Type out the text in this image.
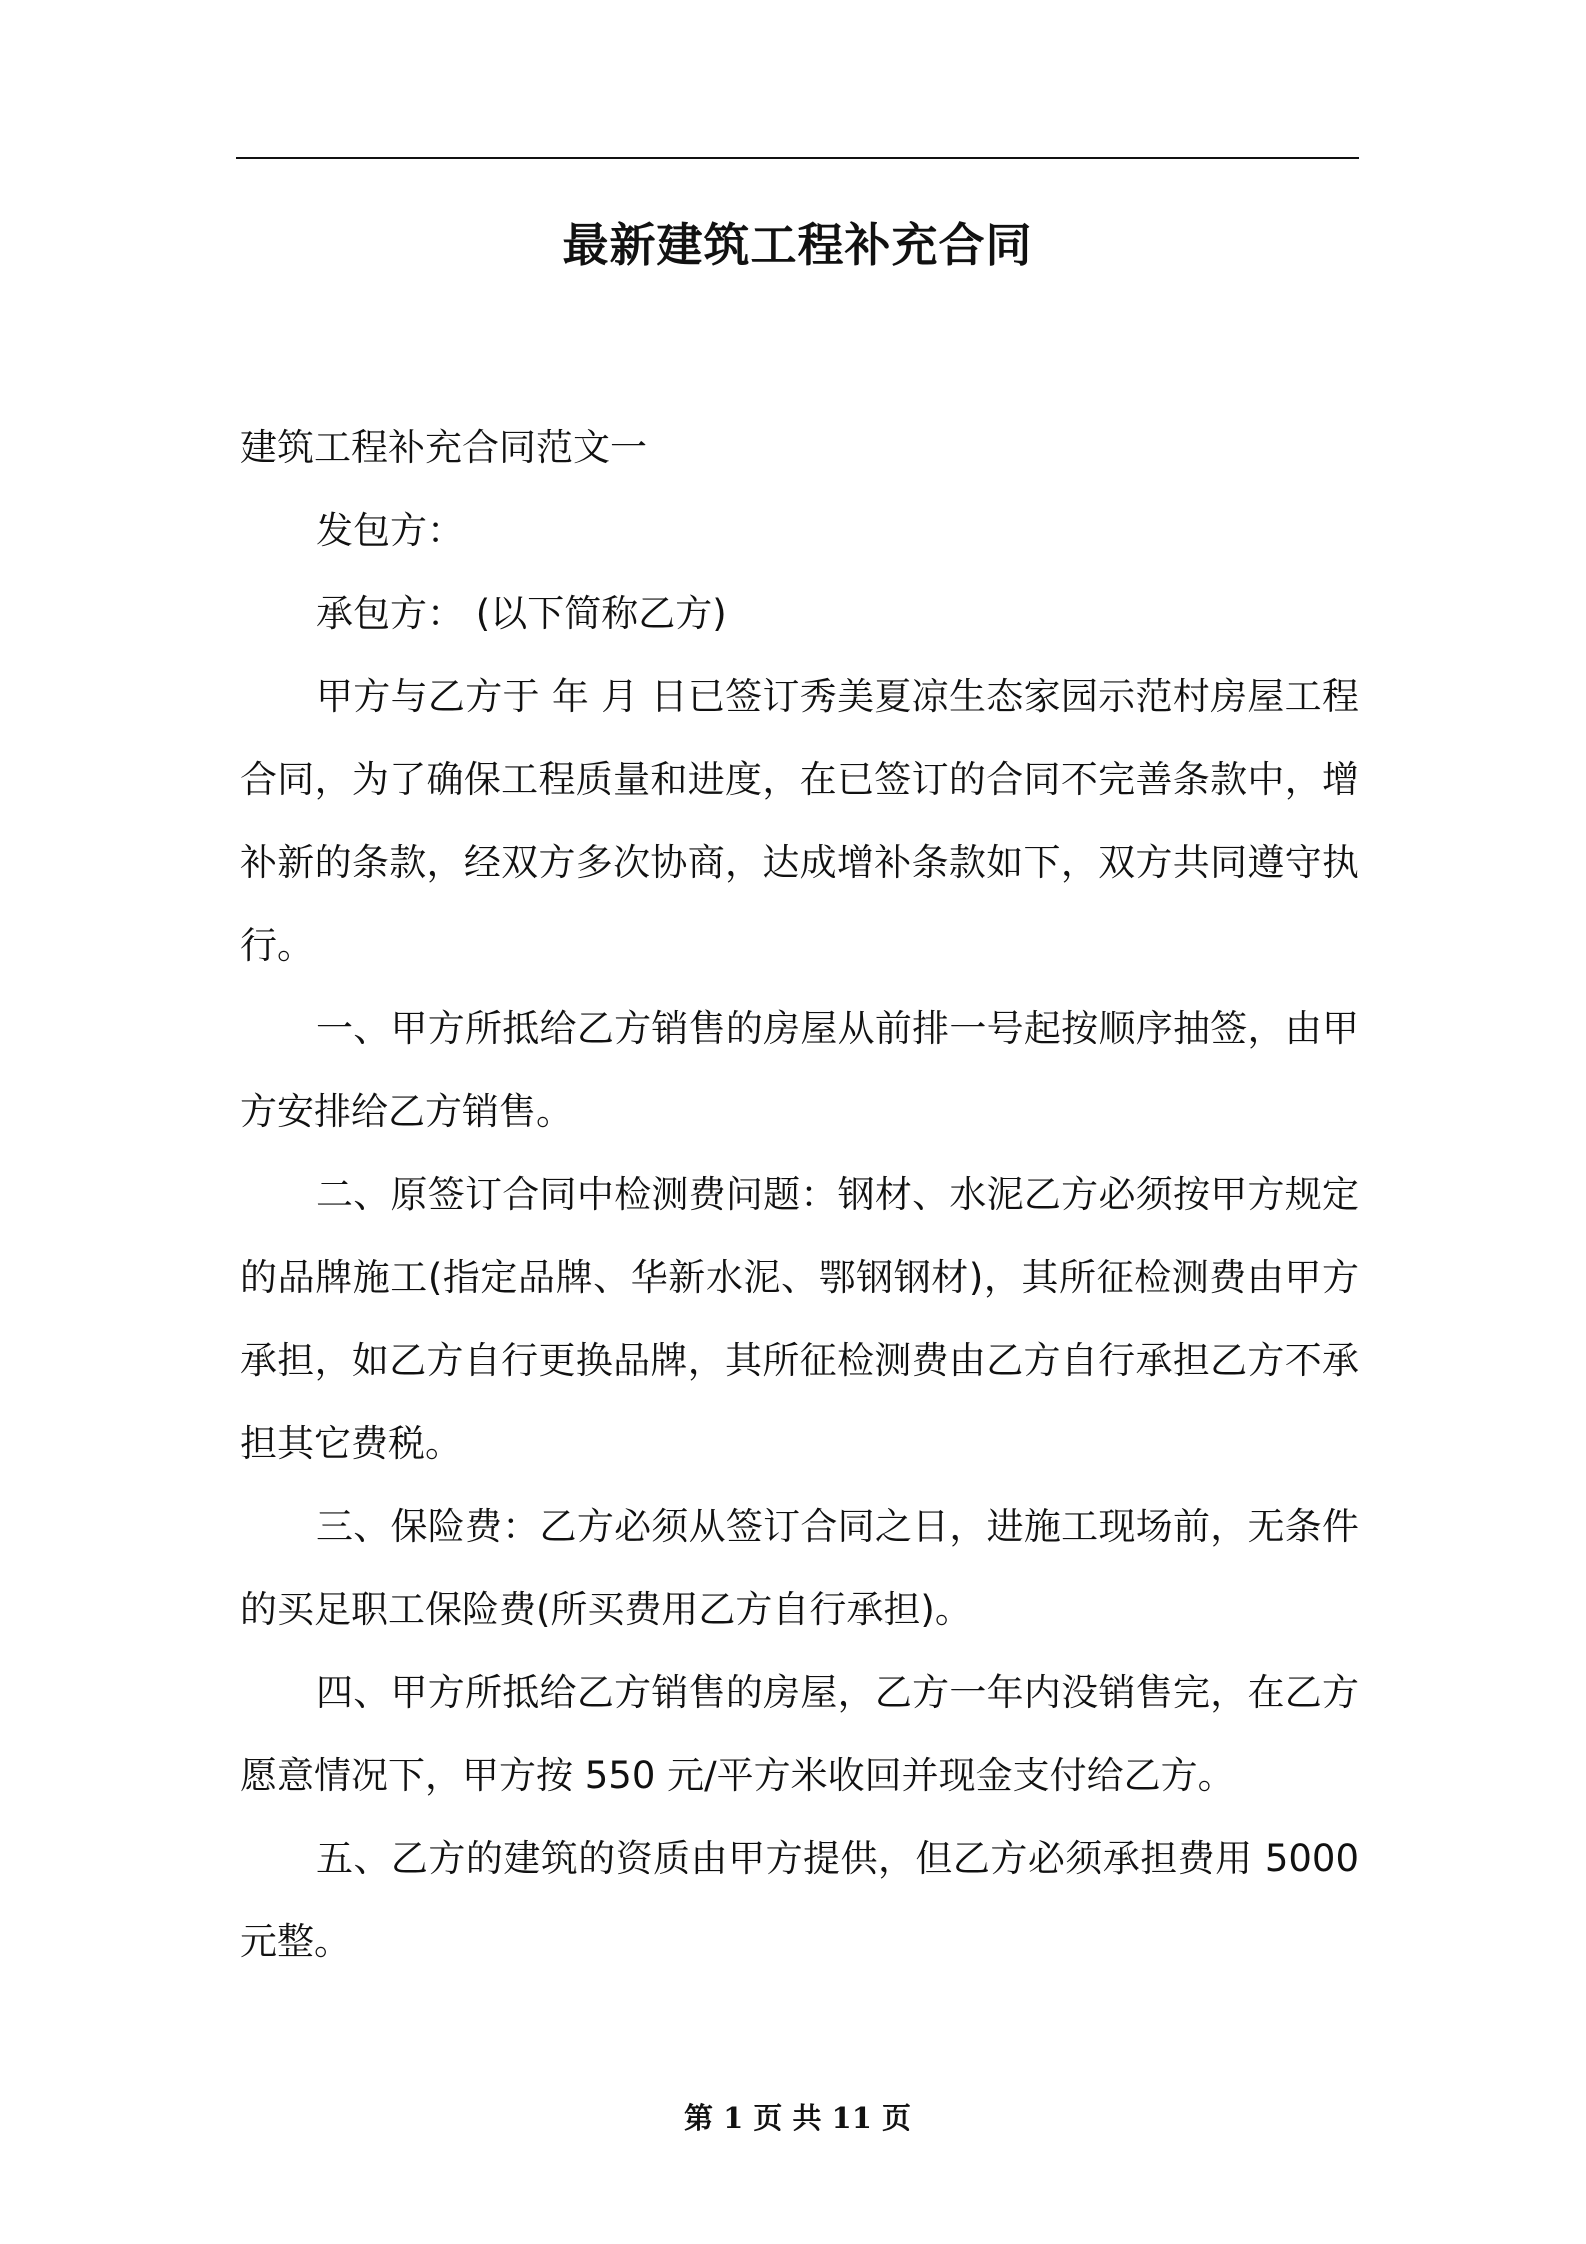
最新建筑工程补充合同

建筑工程补充合同范文一

发包方：

承包方： (以下简称乙方)

甲方与乙方于 年 月 日已签订秀美夏凉生态家园示范村房屋工程合同，为了确保工程质量和进度，在已签订的合同不完善条款中，增补新的条款，经双方多次协商，达成增补条款如下，双方共同遵守执行。

一、甲方所抵给乙方销售的房屋从前排一号起按顺序抽签，由甲方安排给乙方销售。

二、原签订合同中检测费问题：钢材、水泥乙方必须按甲方规定的品牌施工(指定品牌、华新水泥、鄂钢钢材)，其所征检测费由甲方承担，如乙方自行更换品牌，其所征检测费由乙方自行承担乙方不承担其它费税。

三、保险费：乙方必须从签订合同之日，进施工现场前，无条件的买足职工保险费(所买费用乙方自行承担)。

四、甲方所抵给乙方销售的房屋，乙方一年内没销售完，在乙方愿意情况下，甲方按 550 元/平方米收回并现金支付给乙方。

五、乙方的建筑的资质由甲方提供，但乙方必须承担费用 5000 元整。

第 1 页 共 11 页
